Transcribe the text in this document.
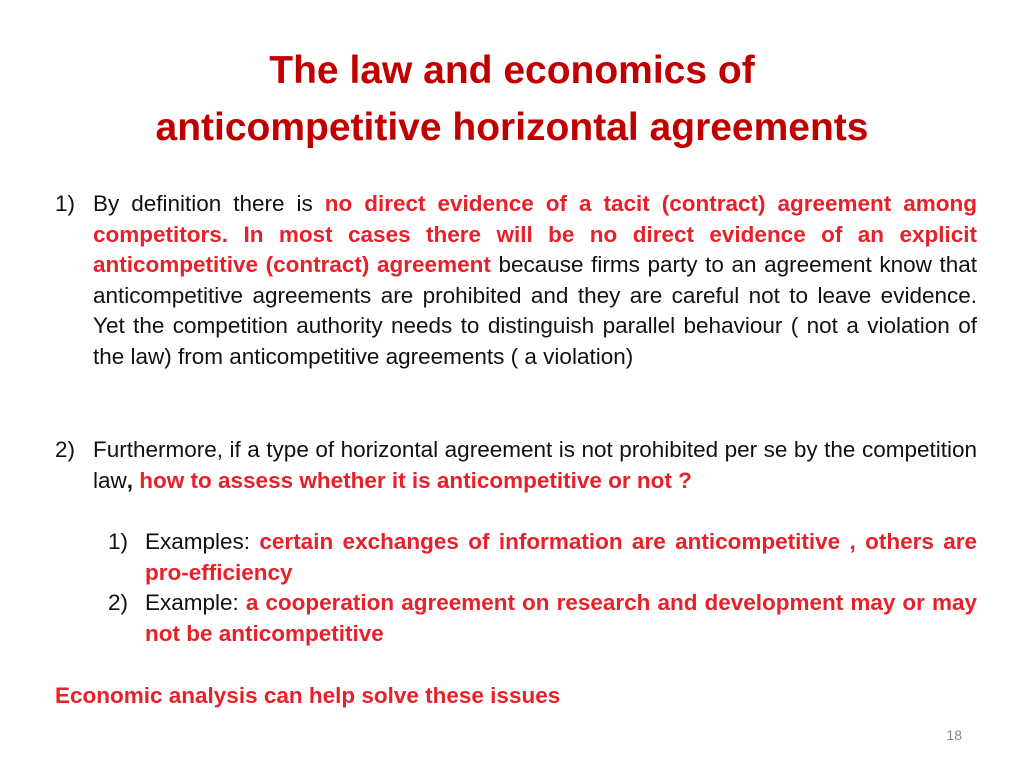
The law and economics of
anticompetitive horizontal agreements
1) By definition there is no direct evidence of a tacit (contract) agreement among competitors. In most cases there will be no direct evidence of an explicit anticompetitive (contract) agreement because firms party to an agreement know that anticompetitive agreements are prohibited and they are careful not to leave evidence. Yet the competition authority needs to distinguish parallel behaviour ( not a violation of the law) from anticompetitive agreements ( a violation)
2) Furthermore, if a type of horizontal agreement is not prohibited per se by the competition law, how to assess whether it is anticompetitive or not ?
1) Examples: certain exchanges of information are anticompetitive , others are pro-efficiency
2) Example: a cooperation agreement on research and development may or may not be anticompetitive
Economic analysis can help solve these issues
18
